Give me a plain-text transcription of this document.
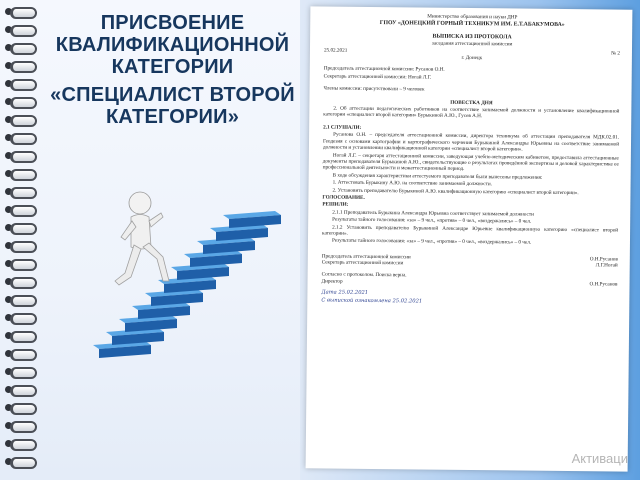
ПРИСВОЕНИЕ КВАЛИФИКАЦИОННОЙ КАТЕГОРИИ
«СПЕЦИАЛИСТ ВТОРОЙ КАТЕГОРИИ»

Министерство образования и науки ДНР

ГПОУ «ДОНЕЦКИЙ ГОРНЫЙ ТЕХНИКУМ ИМ. Е.Т.АБАКУМОВА»

ВЫПИСКА ИЗ ПРОТОКОЛА

заседания аттестационной комиссии

25.02.2021	№ 2

г. Донецк

Председатель аттестационной комиссии: Русанов О.Н.

Секретарь аттестационной комиссии: Ногай Л.Г.

Члены комиссии: присутствовали – 9 человек

ПОВЕСТКА ДНЯ

2. Об аттестации педагогических работников на соответствие занимаемой должности и установление квалификационной категории «специалист второй категории» Бурыкиной А.Ю., Гусев А.Н.

2.1 СЛУШАЛИ:

Русанова О.Н. – председателя аттестационной комиссии, директора техникума об аттестации преподавателя МДК.02.01. Геодезия с основами картографии и картографического черчения Бурыкиной Александры Юрьевны на соответствие занимаемой должности и установлении квалификационной категории «специалист второй категории».

Ногай Л.Г. – секретаря аттестационной комиссии, заведующая учебно-методическим кабинетом, предоставила аттестационные документы преподавателя Бурыкиной А.Ю., свидетельствующие о результатах проведённой экспертизы и деловой характеристике ее профессиональной деятельности и межаттестационный период.

В ходе обсуждения характеристики аттестуемого преподавателя были вынесены предложения:

1. Аттестовать Бурыкину А.Ю. на соответствие занимаемой должности.

2. Установить преподавателю Бурыкиной А.Ю. квалификационную категорию «специалист второй категории».

ГОЛОСОВАНИЕ.

РЕШИЛИ:

2.1.1 Преподаватель Бурыкина Александра Юрьевна соответствует занимаемой должности

Результаты тайного голосования: «за» – 9 чел., «против» – 0 чел., «воздержались» – 0 чел.

2.1.2 Установить преподавателю Бурыкиной Александре Юрьевне квалификационную категорию «специалист второй категории».

Результаты тайного голосования: «за» – 9 чел., «против» – 0 чел., «воздержались» – 0 чел.

Председатель аттестационной комиссии	О.Н.Русанов
Секретарь аттестационной комиссии	Л.Г.Ногай

Согласно с протоколом. Поиска верна.

Директор	О.Н.Русанов

Дата 25.02.2021

С выпиской ознакомлена 25.02.2021

Активаци
